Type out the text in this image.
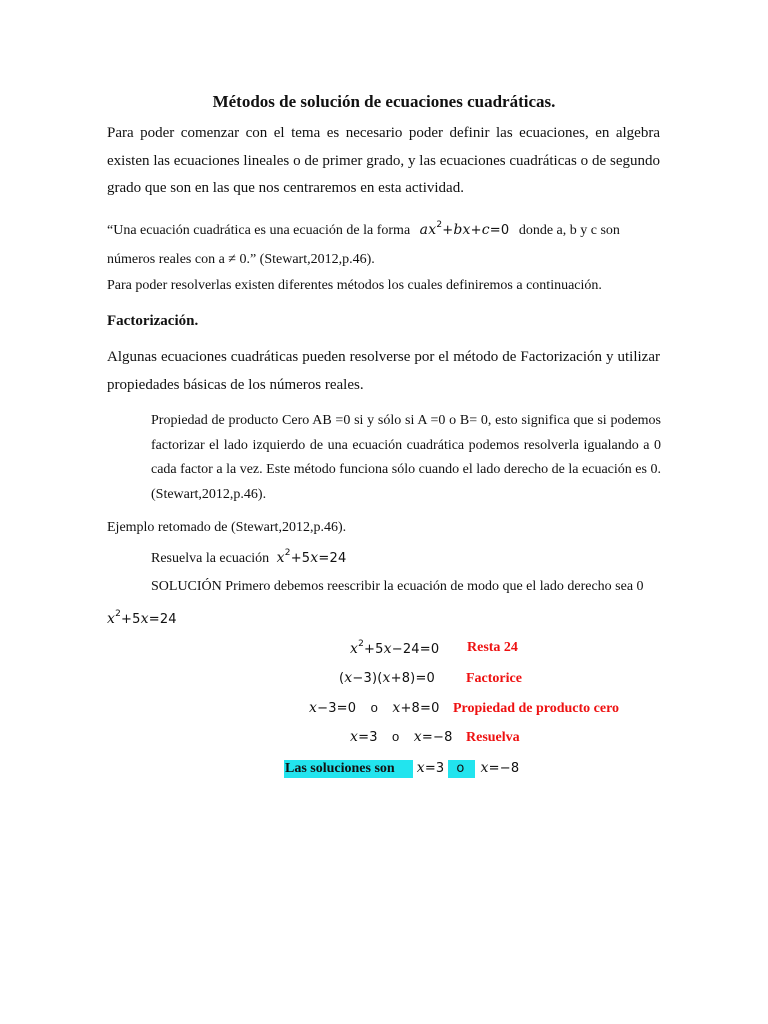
Métodos de solución de ecuaciones cuadráticas.
Para poder comenzar con el tema es necesario poder definir las ecuaciones, en algebra existen las ecuaciones lineales o de primer grado, y las ecuaciones cuadráticas o de segundo grado que son en las que nos centraremos en esta actividad.
“Una ecuación cuadrática es una ecuación de la forma $ax^2+bx+c=0$ donde a, b y c son números reales con a ≠ 0.” (Stewart,2012,p.46).
Para poder resolverlas existen diferentes métodos los cuales definiremos a continuación.
Factorización.
Algunas ecuaciones cuadráticas pueden resolverse por el método de Factorización y utilizar propiedades básicas de los números reales.
Propiedad de producto Cero AB =0 si y sólo si A =0 o B= 0, esto significa que si podemos factorizar el lado izquierdo de una ecuación cuadrática podemos resolverla igualando a 0 cada factor a la vez. Este método funciona sólo cuando el lado derecho de la ecuación es 0. (Stewart,2012,p.46).
Ejemplo retomado de (Stewart,2012,p.46).
Resuelva la ecuación $x^2+5x=24$
SOLUCIÓN Primero debemos reescribir la ecuación de modo que el lado derecho sea 0
$x^2+5x=24$
$x^2+5x-24=0$ Resta 24
(x−3)(x+8)=0 Factorice
x−3=0 o x+8=0 Propiedad de producto cero
x=3 o x=−8 Resuelva
Las soluciones son x=3 o x=−8
